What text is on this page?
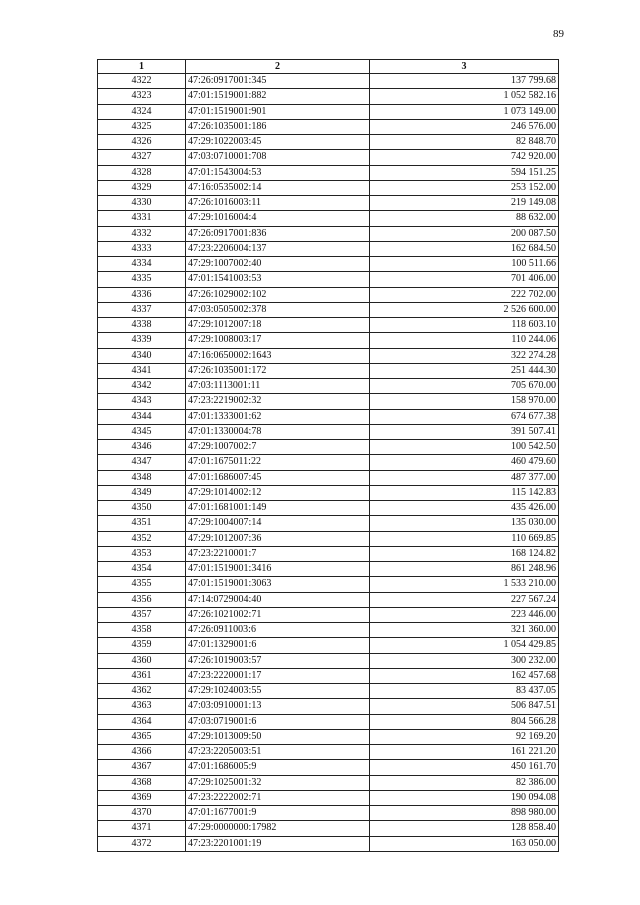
89
1	2	3
4322	47:26:0917001:345	137 799.68
4323	47:01:1519001:882	1 052 582.16
4324	47:01:1519001:901	1 073 149.00
4325	47:26:1035001:186	246 576.00
4326	47:29:1022003:45	82 848.70
4327	47:03:0710001:708	742 920.00
4328	47:01:1543004:53	594 151.25
4329	47:16:0535002:14	253 152.00
4330	47:26:1016003:11	219 149.08
4331	47:29:1016004:4	88 632.00
4332	47:26:0917001:836	200 087.50
4333	47:23:2206004:137	162 684.50
4334	47:29:1007002:40	100 511.66
4335	47:01:1541003:53	701 406.00
4336	47:26:1029002:102	222 702.00
4337	47:03:0505002:378	2 526 600.00
4338	47:29:1012007:18	118 603.10
4339	47:29:1008003:17	110 244.06
4340	47:16:0650002:1643	322 274.28
4341	47:26:1035001:172	251 444.30
4342	47:03:1113001:11	705 670.00
4343	47:23:2219002:32	158 970.00
4344	47:01:1333001:62	674 677.38
4345	47:01:1330004:78	391 507.41
4346	47:29:1007002:7	100 542.50
4347	47:01:1675011:22	460 479.60
4348	47:01:1686007:45	487 377.00
4349	47:29:1014002:12	115 142.83
4350	47:01:1681001:149	435 426.00
4351	47:29:1004007:14	135 030.00
4352	47:29:1012007:36	110 669.85
4353	47:23:2210001:7	168 124.82
4354	47:01:1519001:3416	861 248.96
4355	47:01:1519001:3063	1 533 210.00
4356	47:14:0729004:40	227 567.24
4357	47:26:1021002:71	223 446.00
4358	47:26:0911003:6	321 360.00
4359	47:01:1329001:6	1 054 429.85
4360	47:26:1019003:57	300 232.00
4361	47:23:2220001:17	162 457.68
4362	47:29:1024003:55	83 437.05
4363	47:03:0910001:13	506 847.51
4364	47:03:0719001:6	804 566.28
4365	47:29:1013009:50	92 169.20
4366	47:23:2205003:51	161 221.20
4367	47:01:1686005:9	450 161.70
4368	47:29:1025001:32	82 386.00
4369	47:23:2222002:71	190 094.08
4370	47:01:1677001:9	898 980.00
4371	47:29:0000000:17982	128 858.40
4372	47:23:2201001:19	163 050.00
